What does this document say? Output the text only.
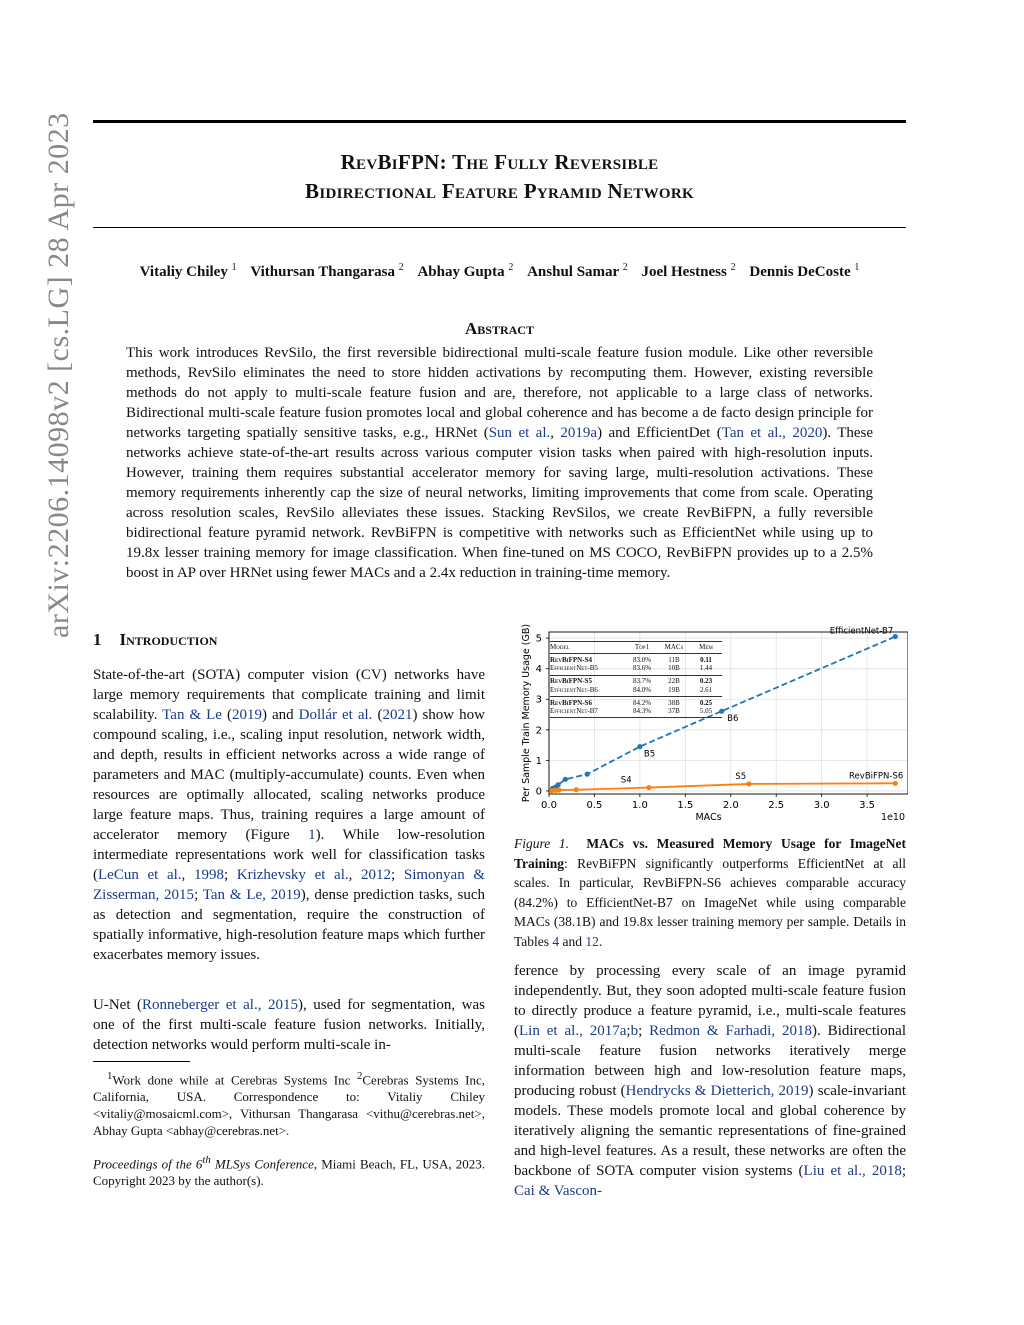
arXiv:2206.14098v2 [cs.LG] 28 Apr 2023	RevBiFPN: The Fully Reversible
Bidirectional Feature Pyramid Network
Vitaliy Chiley $^1$ Vithursan Thangarasa $^2$ Abhay Gupta $^2$ Anshul Samar $^2$ Joel Hestness $^2$ Dennis DeCoste $^1$
Abstract
This work introduces RevSilo, the first reversible bidirectional multi-scale feature fusion module. Like other reversible methods, RevSilo eliminates the need to store hidden activations by recomputing them. However, existing reversible methods do not apply to multi-scale feature fusion and are, therefore, not applicable to a large class of networks. Bidirectional multi-scale feature fusion promotes local and global coherence and has become a de facto design principle for networks targeting spatially sensitive tasks, e.g., HRNet (Sun et al., 2019a) and EfficientDet (Tan et al., 2020). These networks achieve state-of-the-art results across various computer vision tasks when paired with high-resolution inputs. However, training them requires substantial accelerator memory for saving large, multi-resolution activations. These memory requirements inherently cap the size of neural networks, limiting improvements that come from scale. Operating across resolution scales, RevSilo alleviates these issues. Stacking RevSilos, we create RevBiFPN, a fully reversible bidirectional feature pyramid network. RevBiFPN is competitive with networks such as EfficientNet while using up to 19.8x lesser training memory for image classification. When fine-tuned on MS COCO, RevBiFPN provides up to a 2.5% boost in AP over HRNet using fewer MACs and a 2.4x reduction in training-time memory.
1 Introduction
State-of-the-art (SOTA) computer vision (CV) networks have large memory requirements that complicate training and limit scalability. Tan & Le (2019) and Dollár et al. (2021) show how compound scaling, i.e., scaling input resolution, network width, and depth, results in efficient networks across a wide range of parameters and MAC (multiply-accumulate) counts. Even when resources are optimally allocated, scaling networks produce large feature maps. Thus, training requires a large amount of accelerator memory (Figure 1). While low-resolution intermediate representations work well for classification tasks (LeCun et al., 1998; Krizhevsky et al., 2012; Simonyan & Zisserman, 2015; Tan & Le, 2019), dense prediction tasks, such as detection and segmentation, require the construction of spatially informative, high-resolution feature maps which further exacerbates memory issues.
U-Net (Ronneberger et al., 2015), used for segmentation, was one of the first multi-scale feature fusion networks. Initially, detection networks would perform multi-scale in-
$^1$Work done while at Cerebras Systems Inc $^2$Cerebras Systems Inc, California, USA. Correspondence to: Vitaliy Chiley <vitaliy@mosaicml.com>, Vithursan Thangarasa <vithu@cerebras.net>, Abhay Gupta <abhay@cerebras.net>.
Proceedings of the 6th MLSys Conference, Miami Beach, FL, USA, 2023. Copyright 2023 by the author(s).
0.0	0.5	1.0	1.5	2.0	2.5	3.0	3.5
0
1
2
3
4
5
MACs	1e10
Per Sample Train Memory Usage (GB)	EfficientNet-B7
B6
B5
S4	S5	RevBiFPN-S6
Model	Top1	MACs	Mem
RevBiFPN-S4	83.0%	11B	0.11
EfficientNet-B5	83.6%	10B	1.44
RevBiFPN-S5	83.7%	22B	0.23
EfficientNet-B6	84.0%	19B	2.61
RevBiFPN-S6	84.2%	38B	0.25
EfficientNet-B7	84.3%	37B	5.05
Figure 1. MACs vs. Measured Memory Usage for ImageNet Training: RevBiFPN significantly outperforms EfficientNet at all scales. In particular, RevBiFPN-S6 achieves comparable accuracy (84.2%) to EfficientNet-B7 on ImageNet while using comparable MACs (38.1B) and 19.8x lesser training memory per sample. Details in Tables 4 and 12.
ference by processing every scale of an image pyramid independently. But, they soon adopted multi-scale feature fusion to directly produce a feature pyramid, i.e., multi-scale features (Lin et al., 2017a;b; Redmon & Farhadi, 2018). Bidirectional multi-scale feature fusion networks iteratively merge information between high and low-resolution feature maps, producing robust (Hendrycks & Dietterich, 2019) scale-invariant models. These models promote local and global coherence by iteratively aligning the semantic representations of fine-grained and high-level features. As a result, these networks are often the backbone of SOTA computer vision systems (Liu et al., 2018; Cai & Vascon-
